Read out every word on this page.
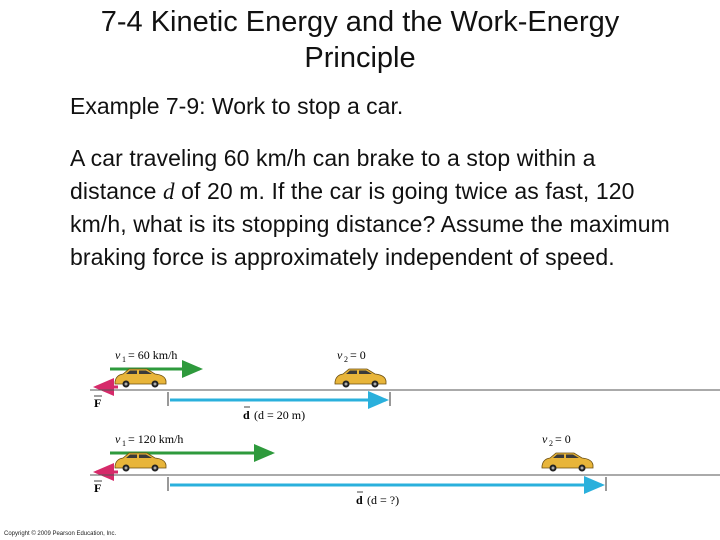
7-4 Kinetic Energy and the Work-Energy
Principle
Example 7-9: Work to stop a car.
A car traveling 60 km/h can brake to a stop within a distance d of 20 m. If the car is going twice as fast, 120 km/h, what is its stopping distance? Assume the maximum braking force is approximately independent of speed.
v 1 = 60 km/h	v 2 = 0
F
d (d = 20 m)
v 1 = 120 km/h	v 2 = 0
F
d (d = ?)
Copyright © 2009 Pearson Education, Inc.
